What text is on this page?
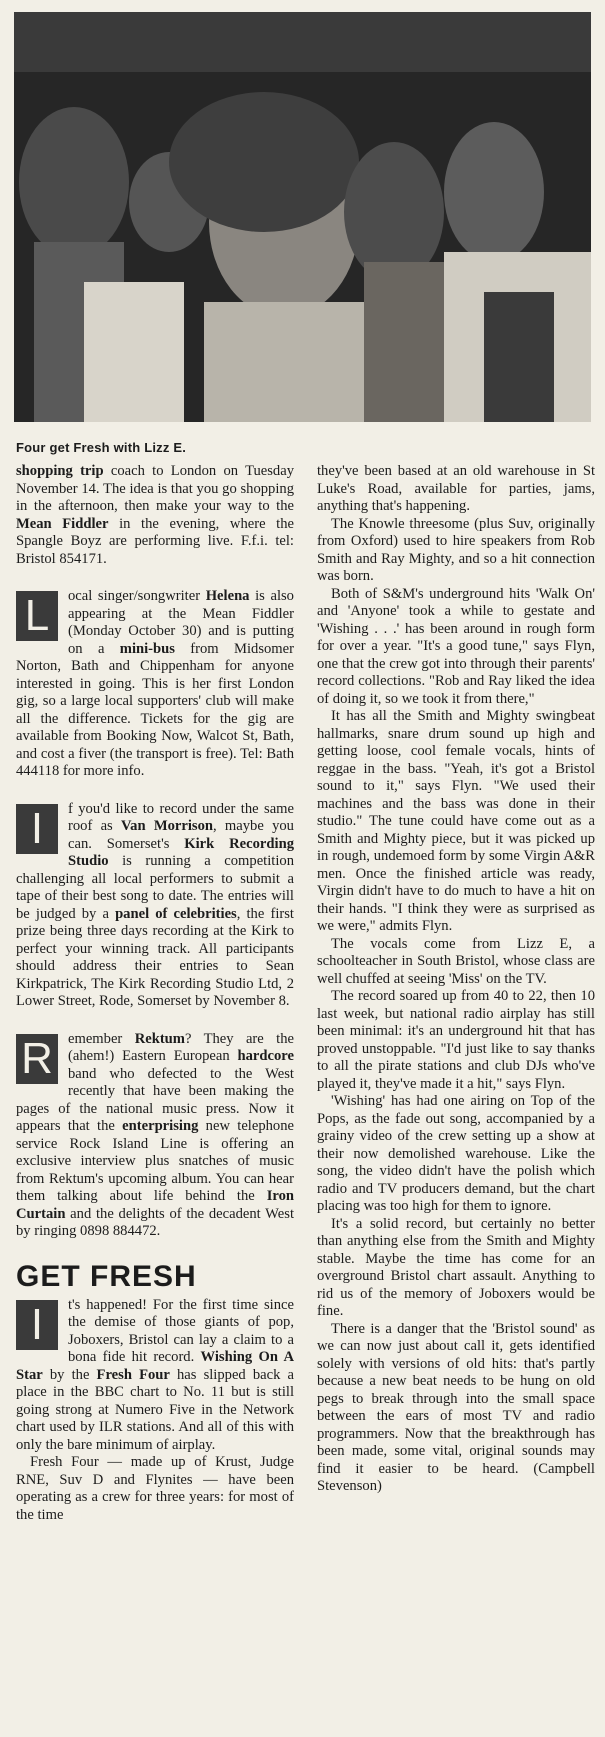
Four get Fresh with Lizz E.

shopping trip coach to London on Tuesday November 14. The idea is that you go shopping in the afternoon, then make your way to the Mean Fiddler in the evening, where the Spangle Boyz are performing live. F.f.i. tel: Bristol 854171.

L	ocal singer/songwriter Helena is also appearing at the Mean Fiddler (Monday October 30) and is putting on a mini-bus from Midsomer Norton, Bath and Chippenham for anyone interested in going. This is her first London gig, so a large local supporters' club will make all the difference. Tickets for the gig are available from Booking Now, Walcot St, Bath, and cost a fiver (the transport is free). Tel: Bath 444118 for more info.

I	f you'd like to record under the same roof as Van Morrison, maybe you can. Somerset's Kirk Recording Studio is running a competition challenging all local performers to submit a tape of their best song to date. The entries will be judged by a panel of celebrities, the first prize being three days recording at the Kirk to perfect your winning track. All participants should address their entries to Sean Kirkpatrick, The Kirk Recording Studio Ltd, 2 Lower Street, Rode, Somerset by November 8.

R	emember Rektum? They are the (ahem!) Eastern European hardcore band who defected to the West recently that have been making the pages of the national music press. Now it appears that the enterprising new telephone service Rock Island Line is offering an exclusive interview plus snatches of music from Rektum's upcoming album. You can hear them talking about life behind the Iron Curtain and the delights of the decadent West by ringing 0898 884472.

GET FRESH

I	t's happened! For the first time since the demise of those giants of pop, Joboxers, Bristol can lay a claim to a bona fide hit record. Wishing On A Star by the Fresh Four has slipped back a place in the BBC chart to No. 11 but is still going strong at Numero Five in the Network chart used by ILR stations. And all of this with only the bare minimum of airplay.

Fresh Four — made up of Krust, Judge RNE, Suv D and Flynites — have been operating as a crew for three years: for most of the time

they've been based at an old warehouse in St Luke's Road, available for parties, jams, anything that's happening.

The Knowle threesome (plus Suv, originally from Oxford) used to hire speakers from Rob Smith and Ray Mighty, and so a hit connection was born.

Both of S&M's underground hits 'Walk On' and 'Anyone' took a while to gestate and 'Wishing . . .' has been around in rough form for over a year. "It's a good tune," says Flyn, one that the crew got into through their parents' record collections. "Rob and Ray liked the idea of doing it, so we took it from there,"

It has all the Smith and Mighty swingbeat hallmarks, snare drum sound up high and getting loose, cool female vocals, hints of reggae in the bass. "Yeah, it's got a Bristol sound to it," says Flyn. "We used their machines and the bass was done in their studio." The tune could have come out as a Smith and Mighty piece, but it was picked up in rough, undemoed form by some Virgin A&R men. Once the finished article was ready, Virgin didn't have to do much to have a hit on their hands. "I think they were as surprised as we were," admits Flyn.

The vocals come from Lizz E, a schoolteacher in South Bristol, whose class are well chuffed at seeing 'Miss' on the TV.

The record soared up from 40 to 22, then 10 last week, but national radio airplay has still been minimal: it's an underground hit that has proved unstoppable. "I'd just like to say thanks to all the pirate stations and club DJs who've played it, they've made it a hit," says Flyn.

'Wishing' has had one airing on Top of the Pops, as the fade out song, accompanied by a grainy video of the crew setting up a show at their now demolished warehouse. Like the song, the video didn't have the polish which radio and TV producers demand, but the chart placing was too high for them to ignore.

It's a solid record, but certainly no better than anything else from the Smith and Mighty stable. Maybe the time has come for an overground Bristol chart assault. Anything to rid us of the memory of Joboxers would be fine.

There is a danger that the 'Bristol sound' as we can now just about call it, gets identified solely with versions of old hits: that's partly because a new beat needs to be hung on old pegs to break through into the small space between the ears of most TV and radio programmers. Now that the breakthrough has been made, some vital, original sounds may find it easier to be heard. (Campbell Stevenson)
